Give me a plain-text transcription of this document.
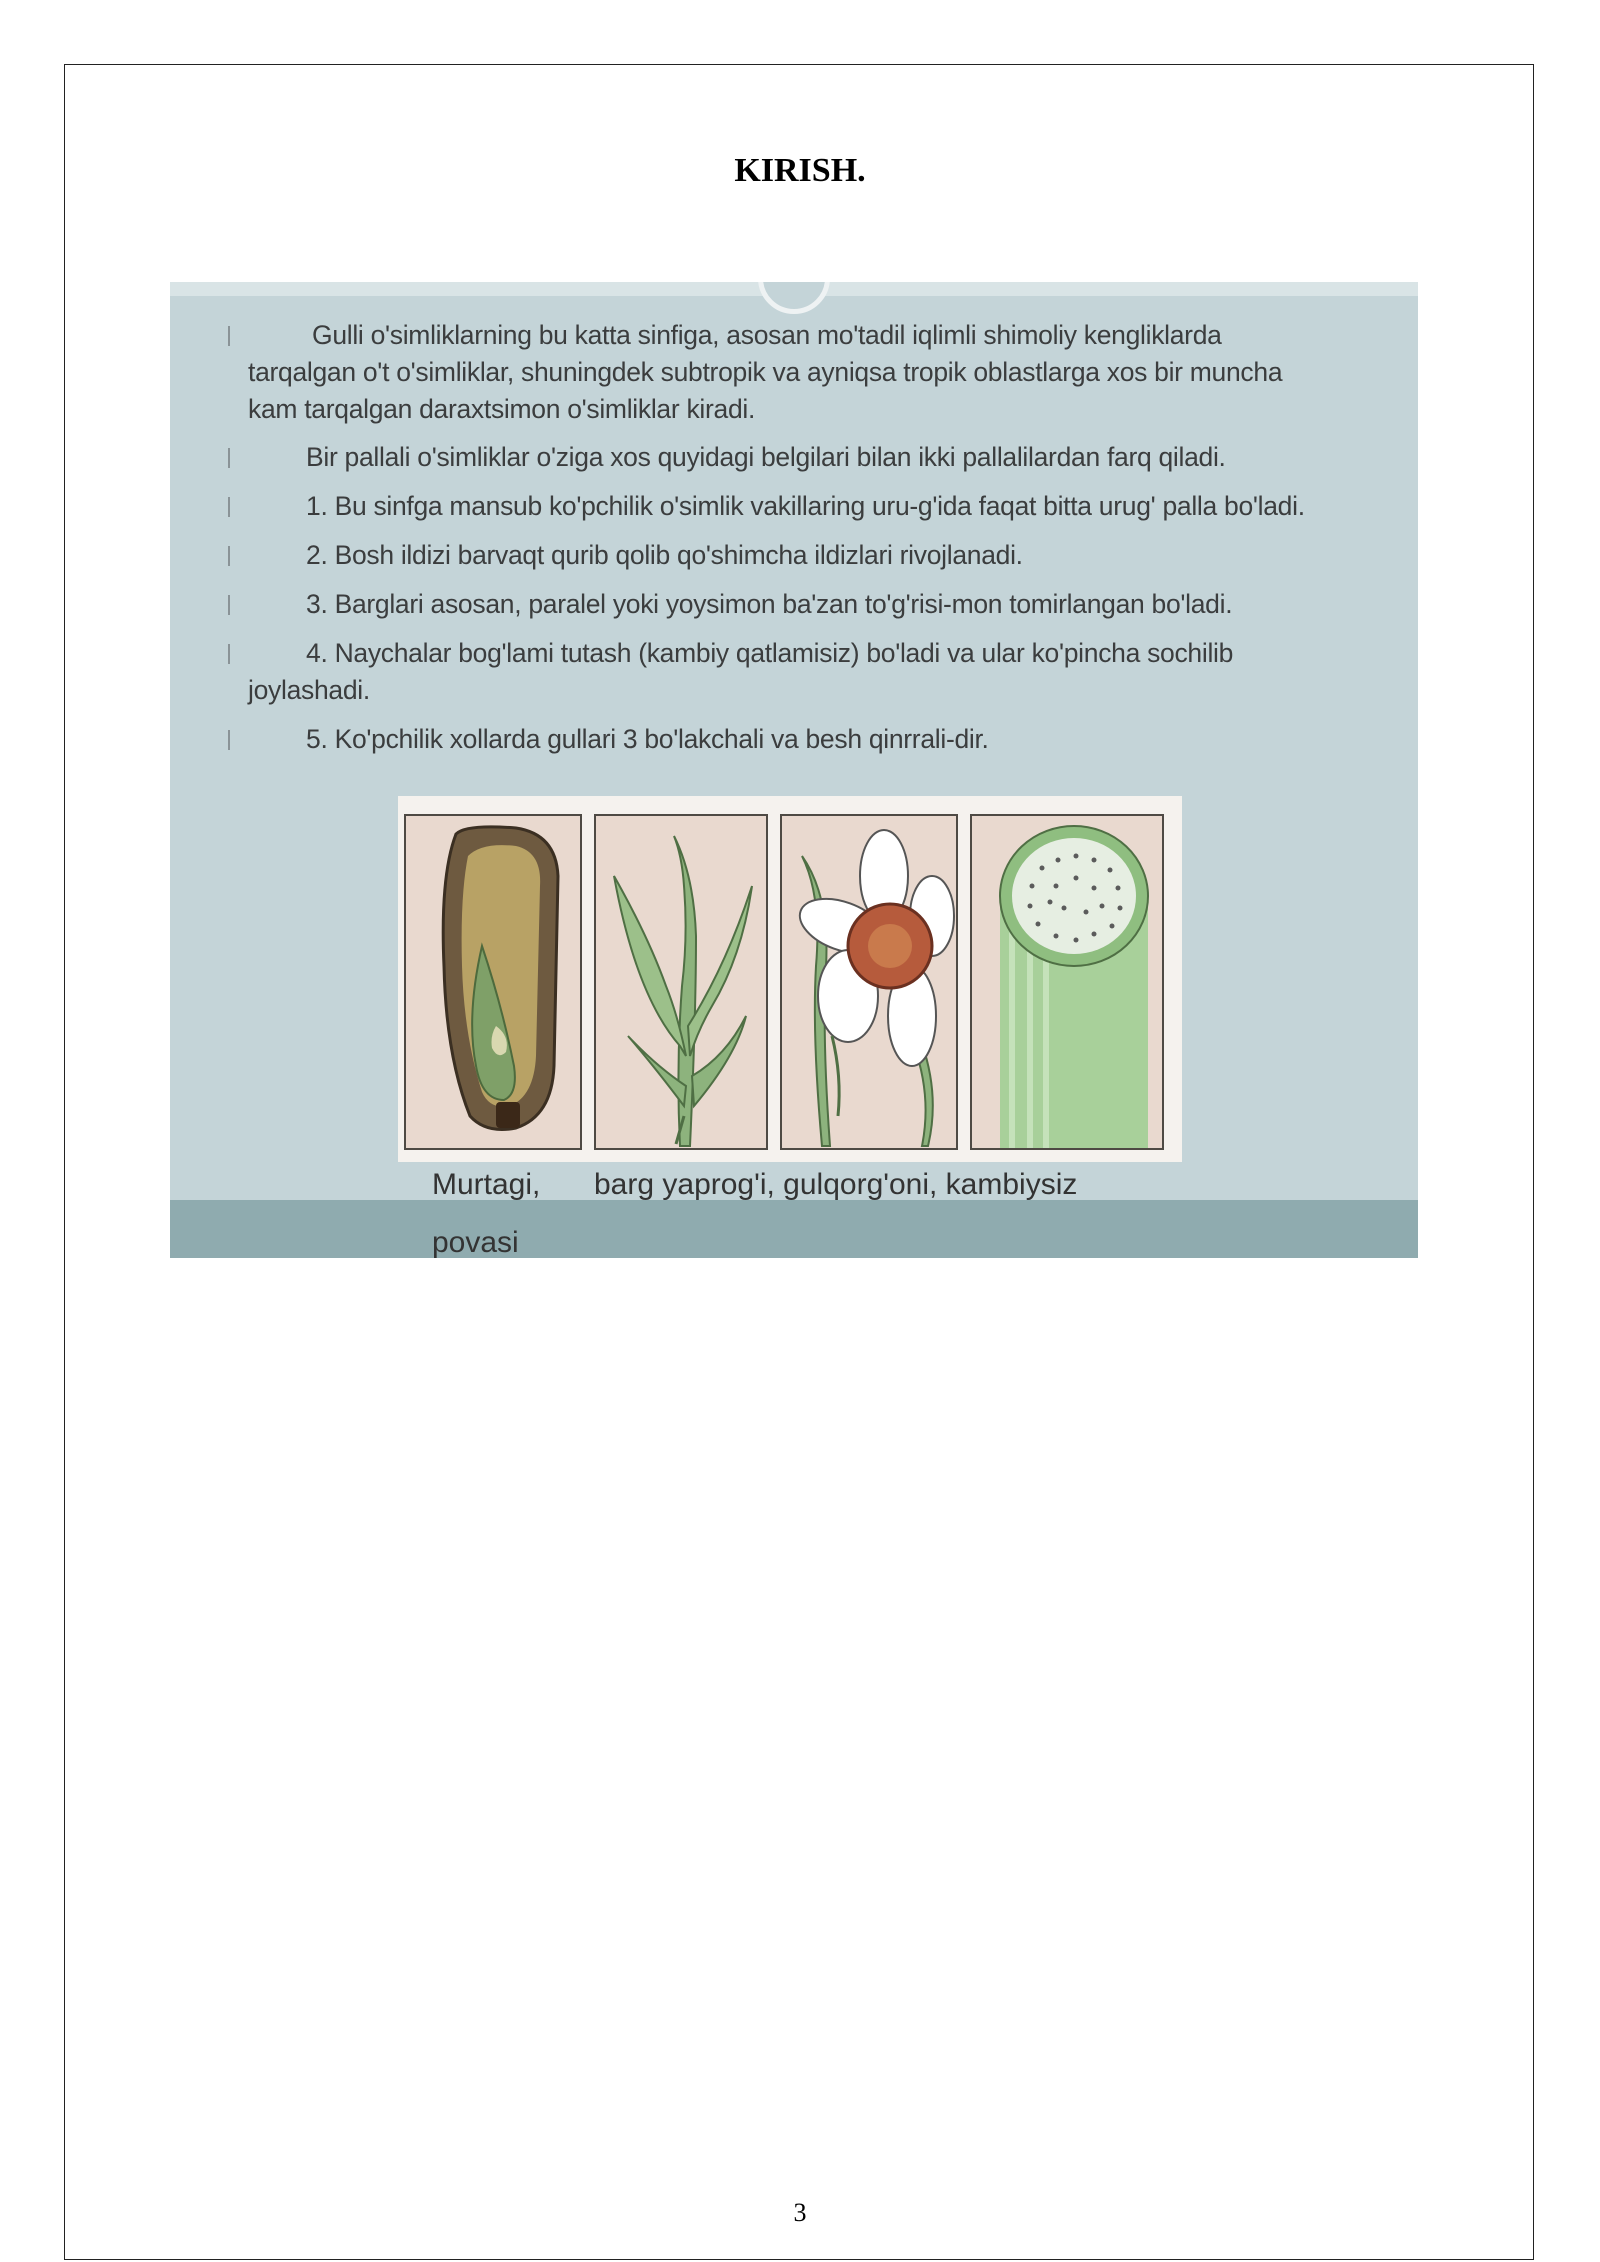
KIRISH.
Gulli o'simliklarning bu katta sinfiga, asosan mo'tadil iqlimli shimoliy kengliklarda
tarqalgan o't o'simliklar, shuningdek subtropik va ayniqsa tropik oblastlarga xos bir muncha
kam tarqalgan daraxtsimon o'simliklar kiradi.
Bir pallali o'simliklar o'ziga xos quyidagi belgilari bilan ikki pallalilardan farq qiladi.
1. Bu sinfga mansub ko'pchilik o'simlik vakillaring uru-g'ida faqat bitta urug' palla bo'ladi.
2. Bosh ildizi barvaqt qurib qolib qo'shimcha ildizlari rivojlanadi.
3. Barglari asosan, paralel yoki yoysimon ba'zan to'g'risi-mon tomirlangan bo'ladi.
4. Naychalar bog'lami tutash (kambiy qatlamisiz) bo'ladi va ular ko'pincha sochilib
joylashadi.
5. Ko'pchilik xollarda gullari 3 bo'lakchali va besh qinrrali-dir.
Murtagi, barg yaprog'i, gulqorg'oni, kambiysiz
povasi
3
